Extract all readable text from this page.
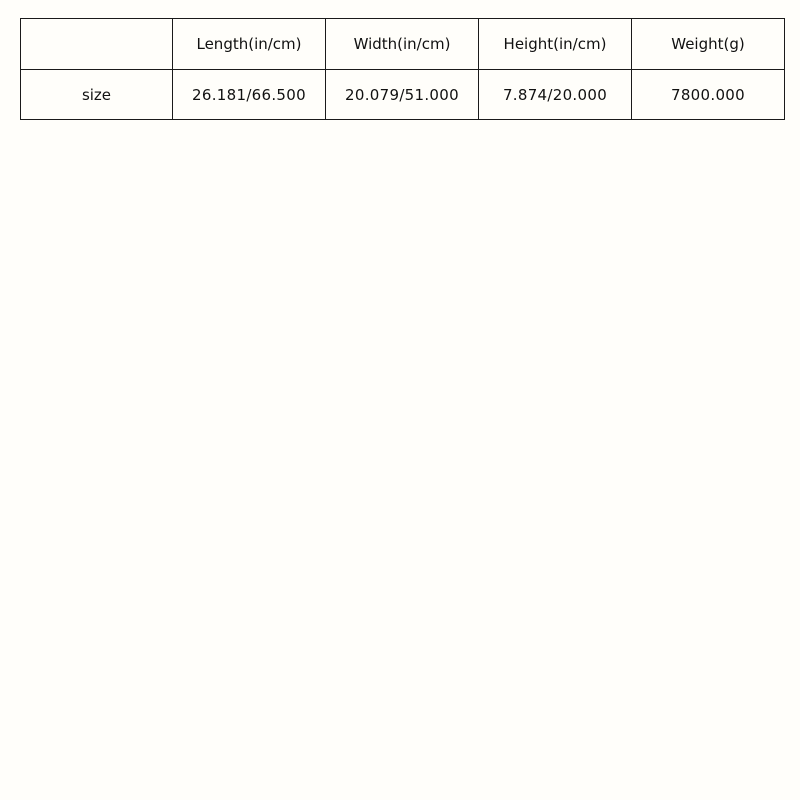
	Length(in/cm)	Width(in/cm)	Height(in/cm)	Weight(g)
size	26.181/66.500	20.079/51.000	7.874/20.000	7800.000
